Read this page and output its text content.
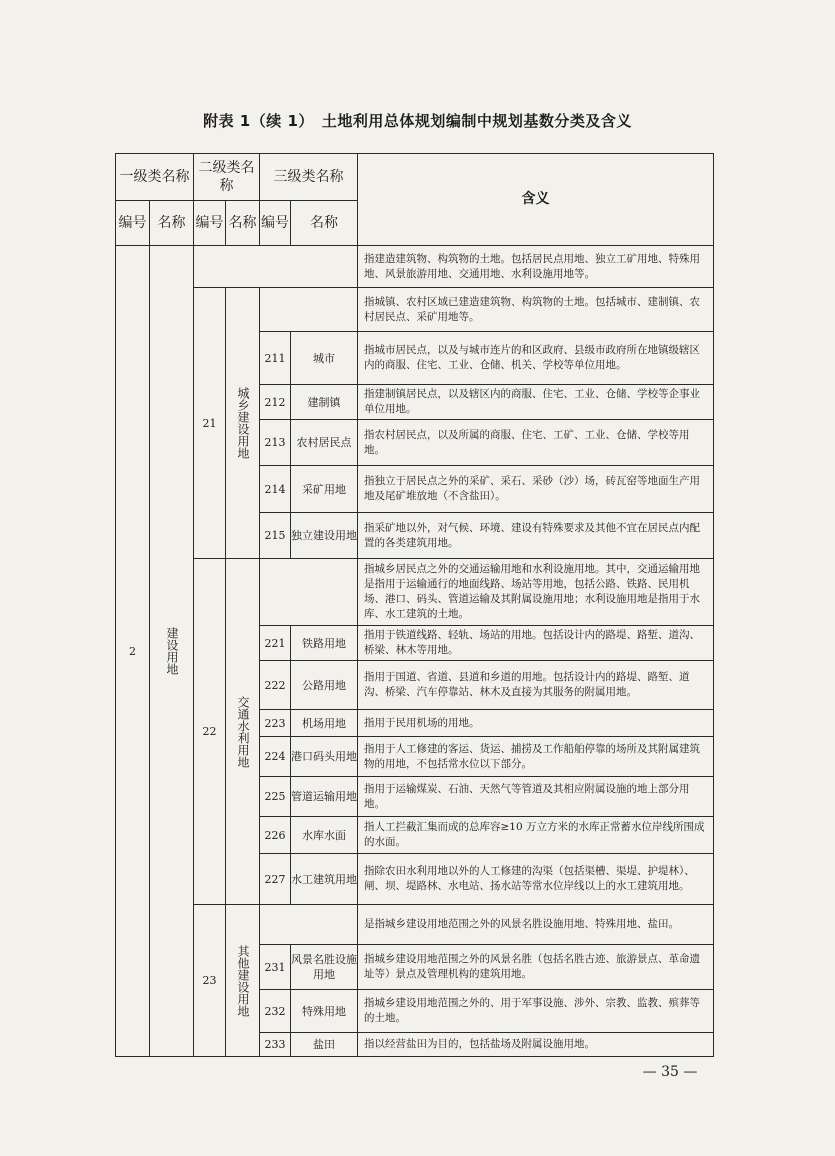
附表 1（续 1）　土地利用总体规划编制中规划基数分类及含义
一级类名称		二级类名称		三级类名称		含义
编号	名称	编号	名称	编号	名称	
2	建设用地					指建造建筑物、构筑物的土地。包括居民点用地、独立工矿用地、特殊用地、风景旅游用地、交通用地、水利设施用地等。
		21	城乡建设用地			指城镇、农村区域已建造建筑物、构筑物的土地。包括城市、建制镇、农村居民点、采矿用地等。
				211	城市	指城市居民点，以及与城市连片的和区政府、县级市政府所在地镇级辖区内的商服、住宅、工业、仓储、机关、学校等单位用地。
				212	建制镇	指建制镇居民点，以及辖区内的商服、住宅、工业、仓储、学校等企事业单位用地。
				213	农村居民点	指农村居民点，以及所属的商服、住宅、工矿、工业、仓储、学校等用地。
				214	采矿用地	指独立于居民点之外的采矿、采石、采砂（沙）场，砖瓦窑等地面生产用地及尾矿堆放地（不含盐田）。
				215	独立建设用地	指采矿地以外，对气候、环境、建设有特殊要求及其他不宜在居民点内配置的各类建筑用地。
		22	交通水利用地			指城乡居民点之外的交通运输用地和水利设施用地。其中，交通运输用地是指用于运输通行的地面线路、场站等用地，包括公路、铁路、民用机场、港口、码头、管道运输及其附属设施用地；水利设施用地是指用于水库、水工建筑的土地。
				221	铁路用地	指用于铁道线路、轻轨、场站的用地。包括设计内的路堤、路堑、道沟、桥梁、林木等用地。
				222	公路用地	指用于国道、省道、县道和乡道的用地。包括设计内的路堤、路堑、道沟、桥梁、汽车停靠站、林木及直接为其服务的附属用地。
				223	机场用地	指用于民用机场的用地。
				224	港口码头用地	指用于人工修建的客运、货运、捕捞及工作船舶停靠的场所及其附属建筑物的用地，不包括常水位以下部分。
				225	管道运输用地	指用于运输煤炭、石油、天然气等管道及其相应附属设施的地上部分用地。
				226	水库水面	指人工拦截汇集而成的总库容≥10 万立方米的水库正常蓄水位岸线所围成的水面。
				227	水工建筑用地	指除农田水利用地以外的人工修建的沟渠（包括渠槽、渠堤、护堤林）、闸、坝、堤路林、水电站、扬水站等常水位岸线以上的水工建筑用地。
		23	其他建设用地			是指城乡建设用地范围之外的风景名胜设施用地、特殊用地、盐田。
				231	风景名胜设施用地	指城乡建设用地范围之外的风景名胜（包括名胜古迹、旅游景点、革命遗址等）景点及管理机构的建筑用地。
				232	特殊用地	指城乡建设用地范围之外的、用于军事设施、涉外、宗教、监教、殡葬等的土地。
				233	盐田	指以经营盐田为目的，包括盐场及附属设施用地。
— 35 —
